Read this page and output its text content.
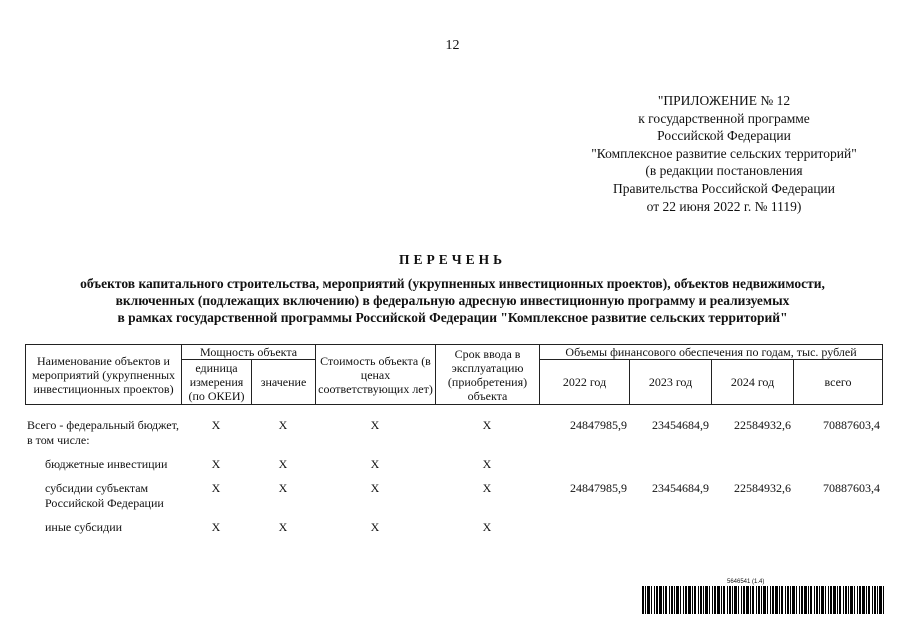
12
"ПРИЛОЖЕНИЕ № 12
к государственной программе
Российской Федерации
"Комплексное развитие сельских территорий"
(в редакции постановления
Правительства Российской Федерации
от 22 июня 2022 г. № 1119)
ПЕРЕЧЕНЬ
объектов капитального строительства, мероприятий (укрупненных инвестиционных проектов), объектов недвижимости,
включенных (подлежащих включению) в федеральную адресную инвестиционную программу и реализуемых
в рамках государственной программы Российской Федерации "Комплексное развитие сельских территорий"
Наименование объектов и мероприятий (укрупненных инвестиционных проектов)	Мощность объекта		Стоимость объекта (в ценах соответствующих лет)	Срок ввода в эксплуатацию (приобретения) объекта	Объемы финансового обеспечения по годам, тыс. рублей			
	единица измерения (по ОКЕИ)	значение			2022 год	2023 год	2024 год	всего
Всего - федеральный бюджет, в том числе:	Х	Х	Х	Х	24847985,9	23454684,9	22584932,6	70887603,4

бюджетные инвестиции	Х	Х	Х	Х				

субсидии субъектам Российской Федерации	Х	Х	Х	Х	24847985,9	23454684,9	22584932,6	70887603,4

иные субсидии	Х	Х	Х	Х				
5646541 (1.4)
